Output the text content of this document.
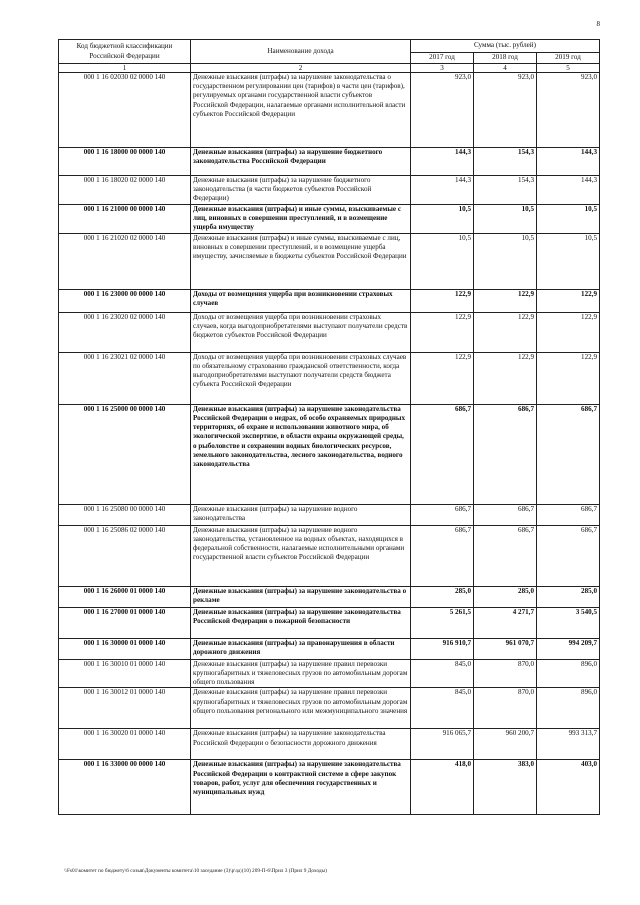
8
Код бюджетной классификации Российской Федерации	Наименование дохода	Сумма (тыс. рублей)		
		2017 год	2018 год	2019 год
1	2	3	4	5
000 1 16 02030 02 0000 140	Денежные взыскания (штрафы) за нарушение законодательства о государственном регулировании цен (тарифов) в части цен (тарифов), регулируемых органами государственной власти субъектов Российской Федерации, налагаемые органами исполнительной власти субъектов Российской Федерации	923,0	923,0	923,0
000 1 16 18000 00 0000 140	Денежные взыскания (штрафы) за нарушение бюджетного законодательства Российской Федерации	144,3	154,3	144,3
000 1 16 18020 02 0000 140	Денежные взыскания (штрафы) за нарушение бюджетного законодательства (в части бюджетов субъектов Российской Федерации)	144,3	154,3	144,3
000 1 16 21000 00 0000 140	Денежные взыскания (штрафы) и иные суммы, взыскиваемые с лиц, виновных в совершении преступлений, и в возмещение ущерба имуществу	10,5	10,5	10,5
000 1 16 21020 02 0000 140	Денежные взыскания (штрафы) и иные суммы, взыскиваемые с лиц, виновных в совершении преступлений, и в возмещение ущерба имуществу, зачисляемые в бюджеты субъектов Российской Федерации	10,5	10,5	10,5
000 1 16 23000 00 0000 140	Доходы от возмещения ущерба при возникновении страховых случаев	122,9	122,9	122,9
000 1 16 23020 02 0000 140	Доходы от возмещения ущерба при возникновении страховых случаев, когда выгодоприобретателями выступают получатели средств бюджетов субъектов Российской Федерации	122,9	122,9	122,9
000 1 16 23021 02 0000 140	Доходы от возмещения ущерба при возникновении страховых случаев по обязательному страхованию гражданской ответственности, когда выгодоприобретателями выступают получатели средств бюджета субъекта Российской Федерации	122,9	122,9	122,9
000 1 16 25000 00 0000 140	Денежные взыскания (штрафы) за нарушение законодательства Российской Федерации о недрах, об особо охраняемых природных территориях, об охране и использовании животного мира, об экологической экспертизе, в области охраны окружающей среды, о рыболовстве и сохранении водных биологических ресурсов, земельного законодательства, лесного законодательства, водного законодательства	686,7	686,7	686,7
000 1 16 25080 00 0000 140	Денежные взыскания (штрафы) за нарушение водного законодательства	686,7	686,7	686,7
000 1 16 25086 02 0000 140	Денежные взыскания (штрафы) за нарушение водного законодательства, установленное на водных объектах, находящихся в федеральной собственности, налагаемые исполнительными органами государственной власти субъектов Российской Федерации	686,7	686,7	686,7
000 1 16 26000 01 0000 140	Денежные взыскания (штрафы) за нарушение законодательства о рекламе	285,0	285,0	285,0
000 1 16 27000 01 0000 140	Денежные взыскания (штрафы) за нарушение законодательства Российской Федерации о пожарной безопасности	5 261,5	4 271,7	3 540,5
000 1 16 30000 01 0000 140	Денежные взыскания (штрафы) за правонарушения в области дорожного движения	916 910,7	961 070,7	994 209,7
000 1 16 30010 01 0000 140	Денежные взыскания (штрафы) за нарушение правил перевозки крупногабаритных и тяжеловесных грузов по автомобильным дорогам общего пользования	845,0	870,0	896,0
000 1 16 30012 01 0000 140	Денежные взыскания (штрафы) за нарушение правил перевозки крупногабаритных и тяжеловесных грузов по автомобильным дорогам общего пользования регионального или межмуниципального значения	845,0	870,0	896,0
000 1 16 30020 01 0000 140	Денежные взыскания (штрафы) за нарушение законодательства Российской Федерации о безопасности дорожного движения	916 065,7	960 200,7	993 313,7
000 1 16 33000 00 0000 140	Денежные взыскания (штрафы) за нарушение законодательства Российской Федерации о контрактной системе в сфере закупок товаров, работ, услуг для обеспечения государственных и муниципальных нужд	418,0	383,0	403,0
\\Fs01\комитет по бюджету\6 созыв\Документы комитета\10 заседание (3)\р\зд\(10) 209-П-6\Прил 3 (Прил 9 Доходы)
